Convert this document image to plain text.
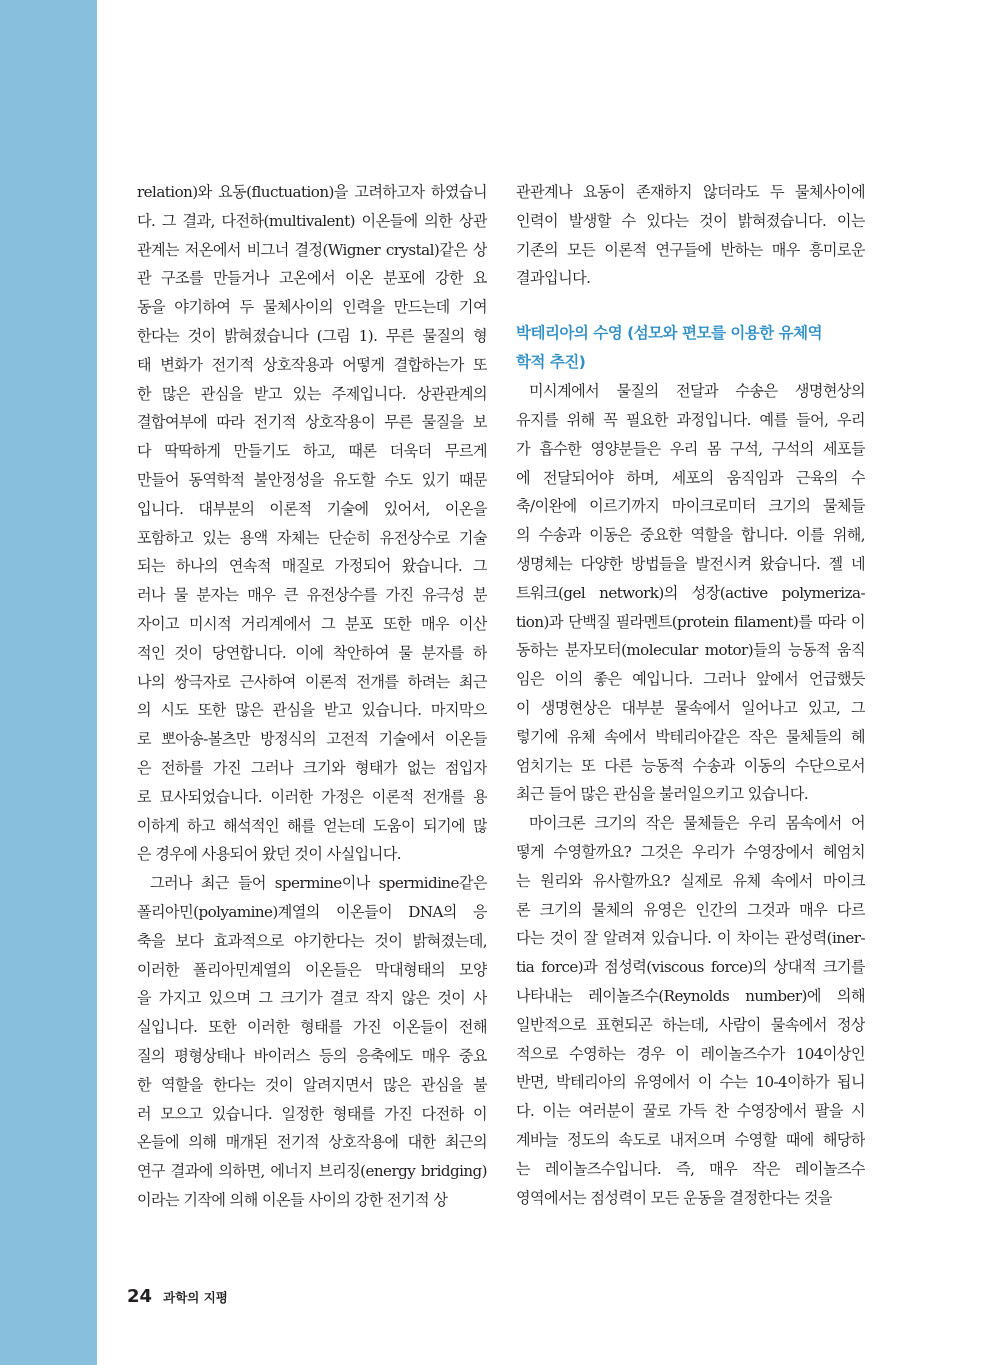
relation)와 요동(fluctuation)을 고려하고자 하였습니
다. 그 결과, 다전하(multivalent) 이온들에 의한 상관
관계는 저온에서 비그너 결정(Wigner crystal)같은 상
관 구조를 만들거나 고온에서 이온 분포에 강한 요
동을 야기하여 두 물체사이의 인력을 만드는데 기여
한다는 것이 밝혀졌습니다 (그림 1). 무른 물질의 형
태 변화가 전기적 상호작용과 어떻게 결합하는가 또
한 많은 관심을 받고 있는 주제입니다. 상관관계의
결합여부에 따라 전기적 상호작용이 무른 물질을 보
다 딱딱하게 만들기도 하고, 때론 더욱더 무르게
만들어 동역학적 불안정성을 유도할 수도 있기 때문
입니다. 대부분의 이론적 기술에 있어서, 이온을
포함하고 있는 용액 자체는 단순히 유전상수로 기술
되는 하나의 연속적 매질로 가정되어 왔습니다. 그
러나 물 분자는 매우 큰 유전상수를 가진 유극성 분
자이고 미시적 거리계에서 그 분포 또한 매우 이산
적인 것이 당연합니다. 이에 착안하여 물 분자를 하
나의 쌍극자로 근사하여 이론적 전개를 하려는 최근
의 시도 또한 많은 관심을 받고 있습니다. 마지막으
로 뽀아송-볼츠만 방정식의 고전적 기술에서 이온들
은 전하를 가진 그러나 크기와 형태가 없는 점입자
로 묘사되었습니다. 이러한 가정은 이론적 전개를 용
이하게 하고 해석적인 해를 얻는데 도움이 되기에 많
은 경우에 사용되어 왔던 것이 사실입니다.
그러나 최근 들어 spermine이나 spermidine같은
폴리아민(polyamine)계열의 이온들이 DNA의 응
축을 보다 효과적으로 야기한다는 것이 밝혀졌는데,
이러한 폴리아민계열의 이온들은 막대형태의 모양
을 가지고 있으며 그 크기가 결코 작지 않은 것이 사
실입니다. 또한 이러한 형태를 가진 이온들이 전해
질의 평형상태나 바이러스 등의 응축에도 매우 중요
한 역할을 한다는 것이 알려지면서 많은 관심을 불
러 모으고 있습니다. 일정한 형태를 가진 다전하 이
온들에 의해 매개된 전기적 상호작용에 대한 최근의
연구 결과에 의하면, 에너지 브리징(energy bridging)
이라는 기작에 의해 이온들 사이의 강한 전기적 상
관관계나 요동이 존재하지 않더라도 두 물체사이에
인력이 발생할 수 있다는 것이 밝혀졌습니다. 이는
기존의 모든 이론적 연구들에 반하는 매우 흥미로운
결과입니다.
박테리아의 수영 (섬모와 편모를 이용한 유체역
학적 추진)
미시계에서 물질의 전달과 수송은 생명현상의
유지를 위해 꼭 필요한 과정입니다. 예를 들어, 우리
가 흡수한 영양분들은 우리 몸 구석, 구석의 세포들
에 전달되어야 하며, 세포의 움직임과 근육의 수
축/이완에 이르기까지 마이크로미터 크기의 물체들
의 수송과 이동은 중요한 역할을 합니다. 이를 위해,
생명체는 다양한 방법들을 발전시켜 왔습니다. 젤 네
트워크(gel network)의 성장(active polymeriza-
tion)과 단백질 필라멘트(protein filament)를 따라 이
동하는 분자모터(molecular motor)들의 능동적 움직
임은 이의 좋은 예입니다. 그러나 앞에서 언급했듯
이 생명현상은 대부분 물속에서 일어나고 있고, 그
렇기에 유체 속에서 박테리아같은 작은 물체들의 헤
엄치기는 또 다른 능동적 수송과 이동의 수단으로서
최근 들어 많은 관심을 불러일으키고 있습니다.
마이크론 크기의 작은 물체들은 우리 몸속에서 어
떻게 수영할까요? 그것은 우리가 수영장에서 헤엄치
는 원리와 유사할까요? 실제로 유체 속에서 마이크
론 크기의 물체의 유영은 인간의 그것과 매우 다르
다는 것이 잘 알려져 있습니다. 이 차이는 관성력(iner-
tia force)과 점성력(viscous force)의 상대적 크기를
나타내는 레이놀즈수(Reynolds number)에 의해
일반적으로 표현되곤 하는데, 사람이 물속에서 정상
적으로 수영하는 경우 이 레이놀즈수가 104이상인
반면, 박테리아의 유영에서 이 수는 10-4이하가 됩니
다. 이는 여러분이 꿀로 가득 찬 수영장에서 팔을 시
계바늘 정도의 속도로 내저으며 수영할 때에 해당하
는 레이놀즈수입니다. 즉, 매우 작은 레이놀즈수
영역에서는 점성력이 모든 운동을 결정한다는 것을
24 과학의 지평
